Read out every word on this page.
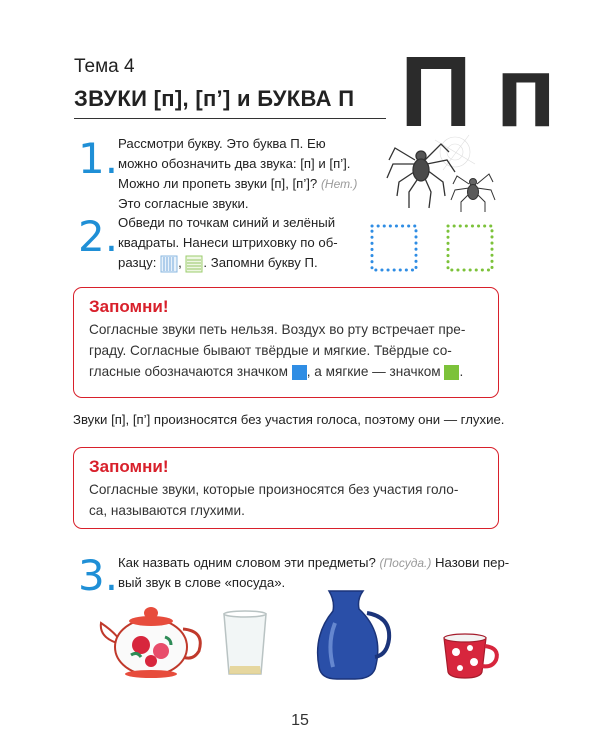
Тема 4
ЗВУКИ [п], [п’] и БУКВА П П п
1. Рассмотри букву. Это буква П. Ею
можно обозначить два звука: [п] и [п’].
Можно ли пропеть звуки [п], [п’]? (Нет.)
Это согласные звуки.
2. Обведи по точкам синий и зелёный
квадраты. Нанеси штриховку по об-
разцу: , . Запомни букву П.
Запомни!
Согласные звуки петь нельзя. Воздух во рту встречает пре-
граду. Согласные бывают твёрдые и мягкие. Твёрдые со-
гласные обозначаются значком , а мягкие — значком .
Звуки [п], [п’] произносятся без участия голоса, поэтому они — глухие.
Запомни!
Согласные звуки, которые произносятся без участия голо-
са, называются глухими.
3. Как назвать одним словом эти предметы? (Посуда.) Назови пер-
вый звук в слове «посуда».
15
